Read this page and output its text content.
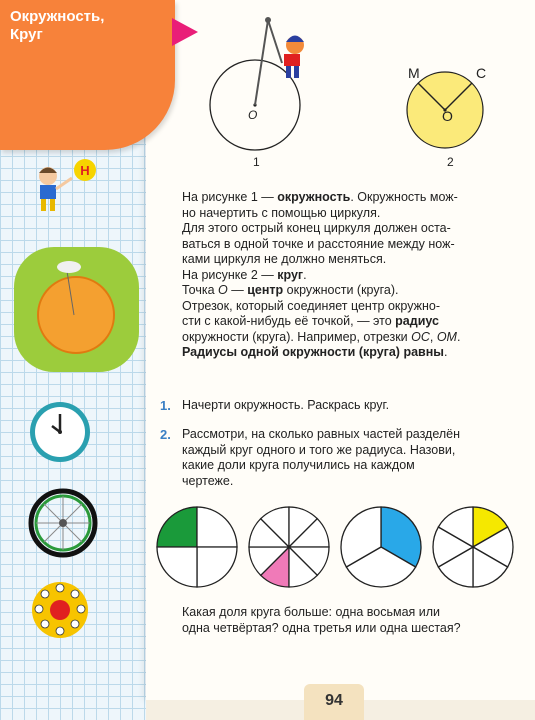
Окружность, Круг
Н
O
1
M	C
O
2

На рисунке 1 — окружность. Окружность мож-

но начертить с помощью циркуля.

Для этого острый конец циркуля должен оста-

ваться в одной точке и расстояние между нож-

ками циркуля не должно меняться.

На рисунке 2 — круг.

Точка O — центр окружности (круга).

Отрезок, который соединяет центр окружно-

сти с какой-нибудь её точкой, — это радиус

окружности (круга). Например, отрезки OC, OM.

Радиусы одной окружности (круга) равны.

1. Начерти окружность. Раскрась круг.
2. Рассмотри, на сколько равных частей разделён
каждый круг одного и того же радиуса. Назови,
какие доли круга получились на каждом
чертеже.
Какая доля круга больше: одна восьмая или
одна четвёртая? одна третья или одна шестая?
94
